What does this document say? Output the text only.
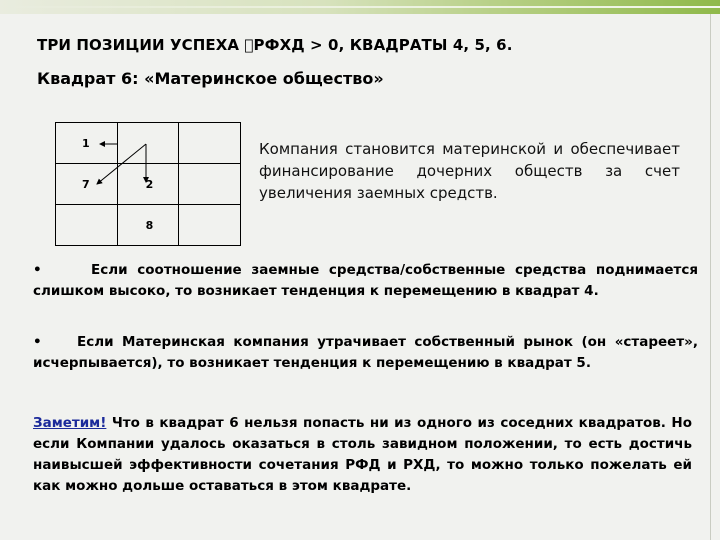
ТРИ ПОЗИЦИИ УСПЕХА РФХД > 0, КВАДРАТЫ 4, 5, 6.
Квадрат 6: «Материнское общество»
1		

7	2	

	8	

Компания становится материнской и обеспечивает финансирование дочерних обществ за счет увеличения заемных средств.
•	Если соотношение заемные средства/собственные средства поднимается слишком высоко, то возникает тенденция к перемещению в квадрат 4.
•	Если Материнская компания утрачивает собственный рынок (он «стареет», исчерпывается), то возникает тенденция к перемещению в квадрат 5.
Заметим! Что в квадрат 6 нельзя попасть ни из одного из соседних квадратов. Но если Компании удалось оказаться в столь завидном положении, то есть достичь наивысшей эффективности сочетания РФД и РХД, то можно только пожелать ей как можно дольше оставаться в этом квадрате.
